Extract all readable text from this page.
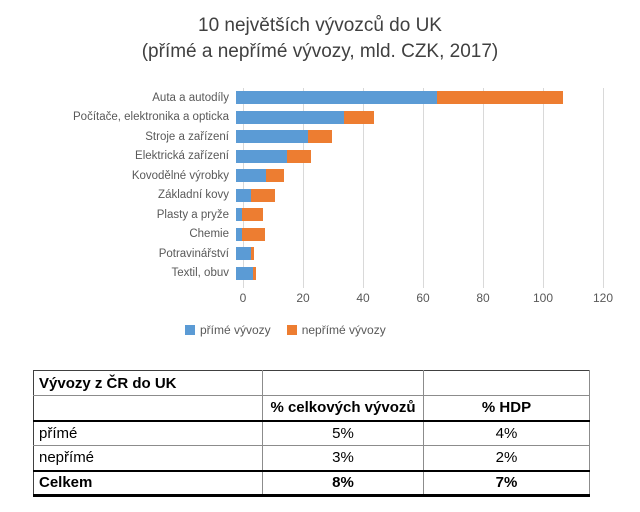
10 největších vývozců do UK
(přímé a nepřímé vývozy, mld. CZK, 2017)
Auta a autodíly
Počítače, elektronika a opticka
Stroje a zařízení
Elektrická zařízení
Kovodělné výrobky
Základní kovy
Plasty a pryže
Chemie
Potravinářství
Textil, obuv
0	20	40	60	80	100	120
přímé vývozy	nepřímé vývozy
Vývozy z ČR do UK		
	% celkových vývozů	% HDP
přímé	5%	4%
nepřímé	3%	2%
Celkem	8%	7%
